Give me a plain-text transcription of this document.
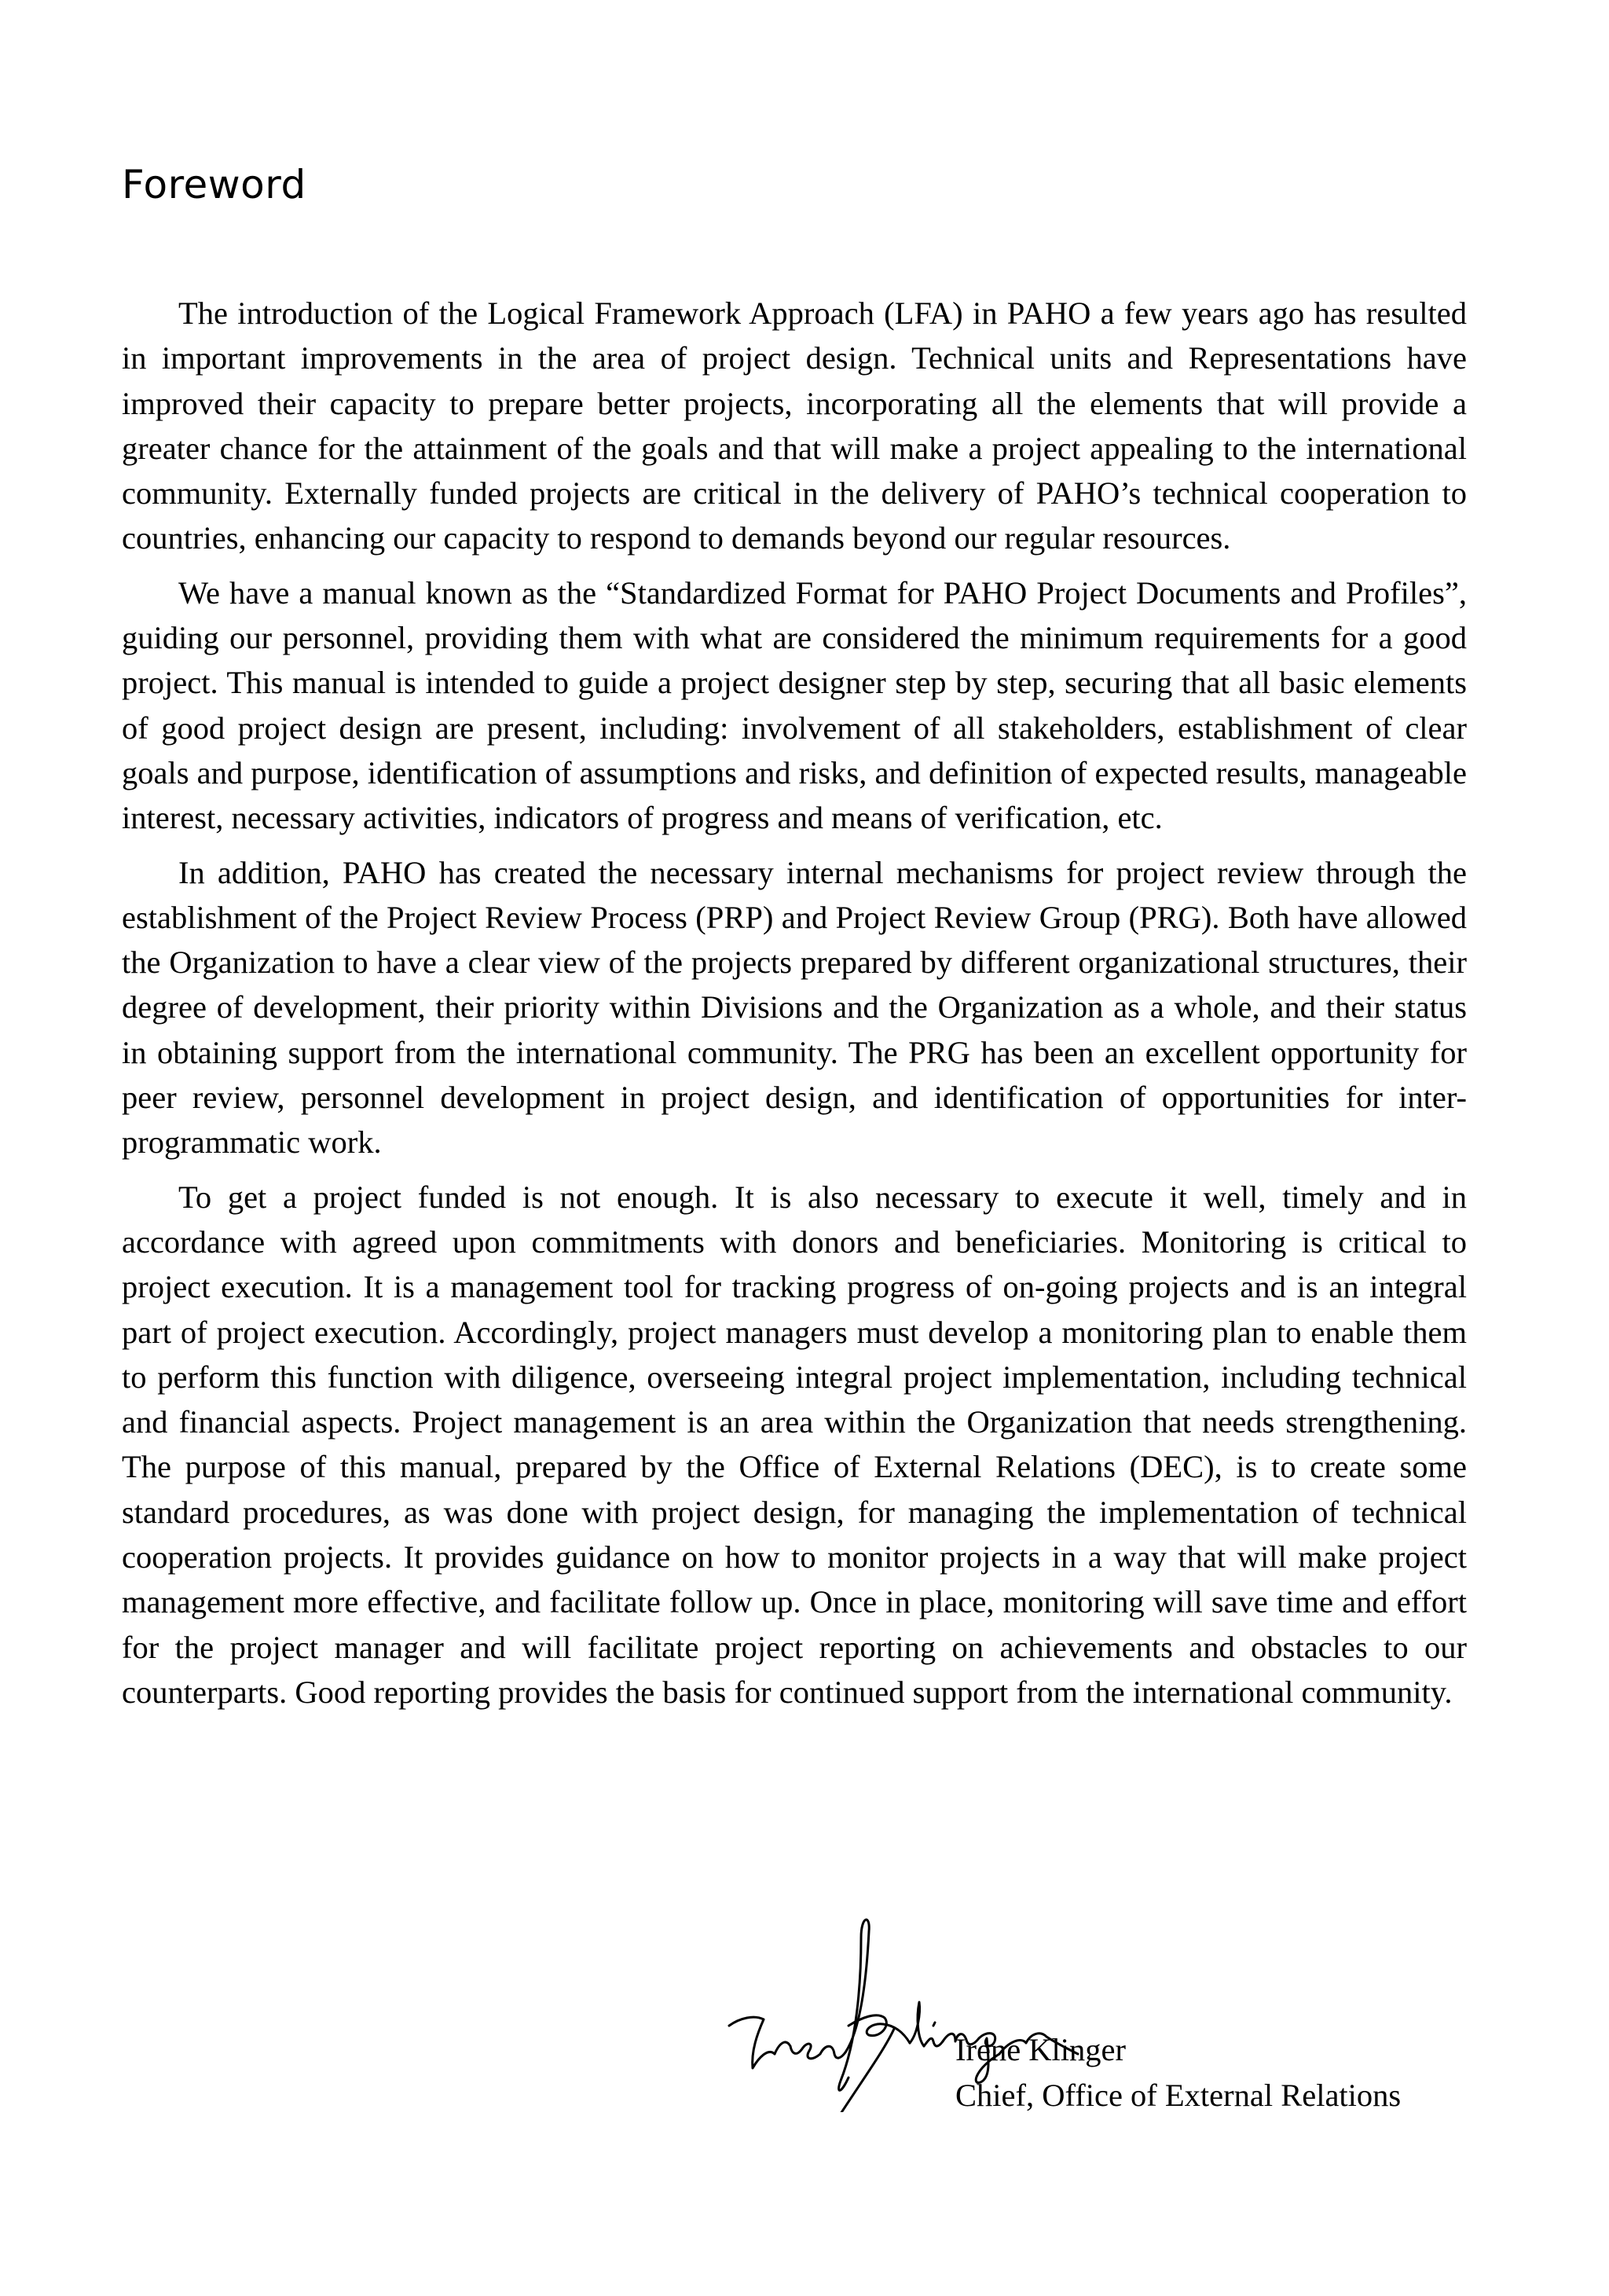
Foreword

The introduction of the Logical Framework Approach (LFA) in PAHO a few years ago has resulted in important improvements in the area of project design. Technical units and Representations have improved their capacity to prepare better projects, incorporating all the elements that will provide a greater chance for the attainment of the goals and that will make a project appealing to the international community. Externally funded projects are critical in the delivery of PAHO’s technical cooperation to countries, enhancing our capacity to respond to demands beyond our regular resources.

We have a manual known as the “Standardized Format for PAHO Project Documents and Profiles”, guiding our personnel, providing them with what are considered the minimum requirements for a good project. This manual is intended to guide a project designer step by step, securing that all basic elements of good project design are present, including: involvement of all stakeholders, establishment of clear goals and purpose, identification of assumptions and risks, and definition of expected results, manageable interest, necessary activities, indicators of progress and means of verification, etc.

In addition, PAHO has created the necessary internal mechanisms for project review through the establishment of the Project Review Process (PRP) and Project Review Group (PRG). Both have allowed the Organization to have a clear view of the projects prepared by different organizational structures, their degree of development, their priority within Divisions and the Organization as a whole, and their status in obtaining support from the international community. The PRG has been an excellent opportunity for peer review, personnel development in project design, and identification of opportunities for inter-programmatic work.

To get a project funded is not enough. It is also necessary to execute it well, timely and in accordance with agreed upon commitments with donors and beneficiaries. Monitoring is critical to project execution. It is a management tool for tracking progress of on-going projects and is an integral part of project execution. Accordingly, project managers must develop a monitoring plan to enable them to perform this function with diligence, overseeing integral project implementation, including technical and financial aspects. Project management is an area within the Organization that needs strengthening. The purpose of this manual, prepared by the Office of External Relations (DEC), is to create some standard procedures, as was done with project design, for managing the implementation of technical cooperation projects. It provides guidance on how to monitor projects in a way that will make project management more effective, and facilitate follow up. Once in place, monitoring will save time and effort for the project manager and will facilitate project reporting on achievements and obstacles to our counterparts. Good reporting provides the basis for continued support from the international community.

Irene Klinger
Chief, Office of External Relations
